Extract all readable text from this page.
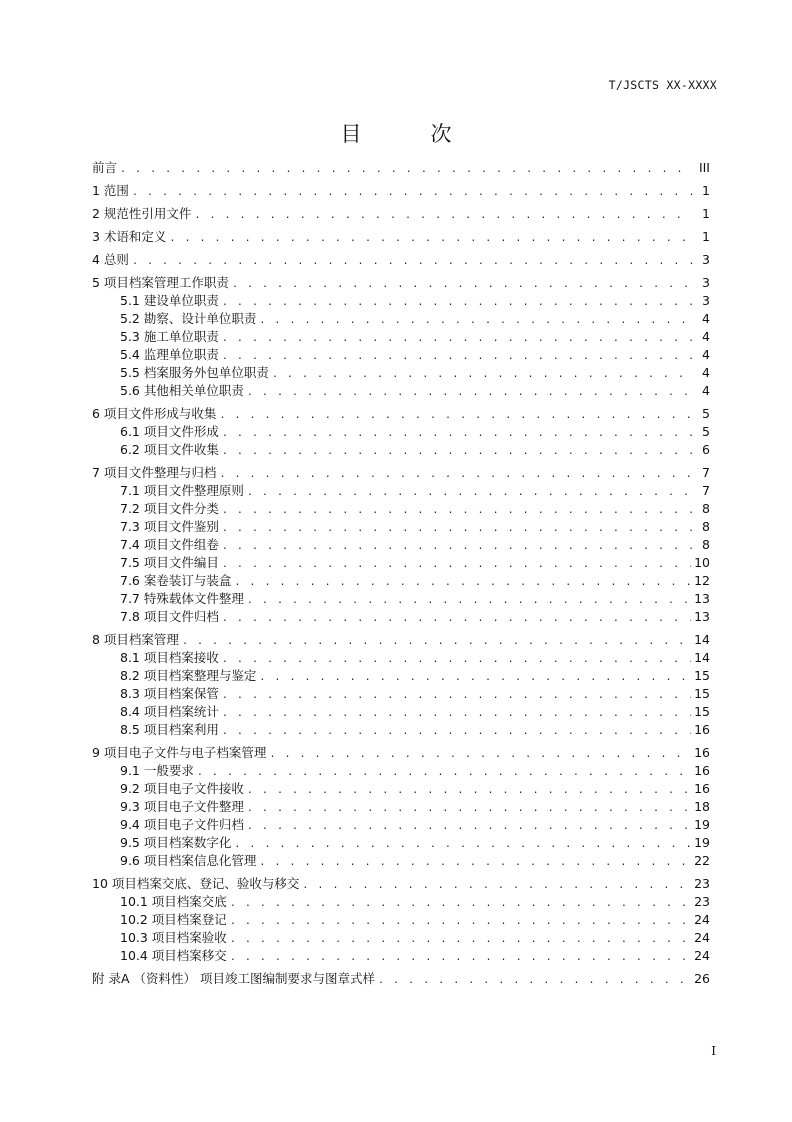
T/JSCTS XX-XXXX
目　次
前言 . . .	III
1 范围 . . .	1
2 规范性引用文件 . . .	1
3 术语和定义 . . .	1
4 总则 . . .	3
5 项目档案管理工作职责 . . .	3
5.1 建设单位职责 . . .	3
5.2 勘察、设计单位职责 . . .	4
5.3 施工单位职责 . . .	4
5.4 监理单位职责 . . .	4
5.5 档案服务外包单位职责 . . .	4
5.6 其他相关单位职责 . . .	4
6 项目文件形成与收集 . . .	5
6.1 项目文件形成 . . .	5
6.2 项目文件收集 . . .	6
7 项目文件整理与归档 . . .	7
7.1 项目文件整理原则 . . .	7
7.2 项目文件分类 . . .	8
7.3 项目文件鉴别 . . .	8
7.4 项目文件组卷 . . .	8
7.5 项目文件编目 . . .	10
7.6 案卷装订与装盒 . . .	12
7.7 特殊载体文件整理 . . .	13
7.8 项目文件归档 . . .	13
8 项目档案管理 . . .	14
8.1 项目档案接收 . . .	14
8.2 项目档案整理与鉴定 . . .	15
8.3 项目档案保管 . . .	15
8.4 项目档案统计 . . .	15
8.5 项目档案利用 . . .	16
9 项目电子文件与电子档案管理 . . .	16
9.1 一般要求 . . .	16
9.2 项目电子文件接收 . . .	16
9.3 项目电子文件整理 . . .	18
9.4 项目电子文件归档 . . .	19
9.5 项目档案数字化 . . .	19
9.6 项目档案信息化管理 . . .	22
10 项目档案交底、登记、验收与移交 . . .	23
10.1 项目档案交底 . . .	23
10.2 项目档案登记 . . .	24
10.3 项目档案验收 . . .	24
10.4 项目档案移交 . . .	24
附 录A （资料性） 项目竣工图编制要求与图章式样 . . .	26
I
